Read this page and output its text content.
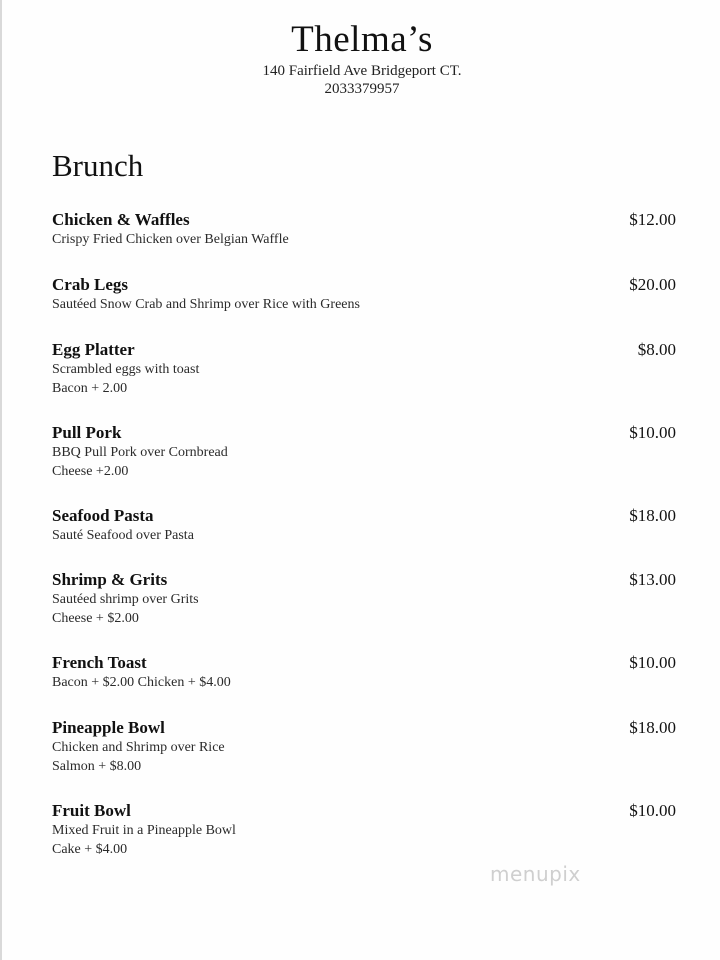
Thelma’s
140 Fairfield Ave Bridgeport CT.
2033379957
Brunch
Chicken & Waffles	$12.00
Crispy Fried Chicken over Belgian Waffle
Crab Legs	$20.00
Sautéed Snow Crab and Shrimp over Rice with Greens
Egg Platter	$8.00
Scrambled eggs with toast
Bacon + 2.00
Pull Pork	$10.00
BBQ Pull Pork over Cornbread
Cheese +2.00
Seafood Pasta	$18.00
Sauté Seafood over Pasta
Shrimp & Grits	$13.00
Sautéed shrimp over Grits
Cheese + $2.00
French Toast	$10.00
Bacon + $2.00 Chicken + $4.00
Pineapple Bowl	$18.00
Chicken and Shrimp over Rice
Salmon + $8.00
Fruit Bowl	$10.00
Mixed Fruit in a Pineapple Bowl
Cake + $4.00
menupix
